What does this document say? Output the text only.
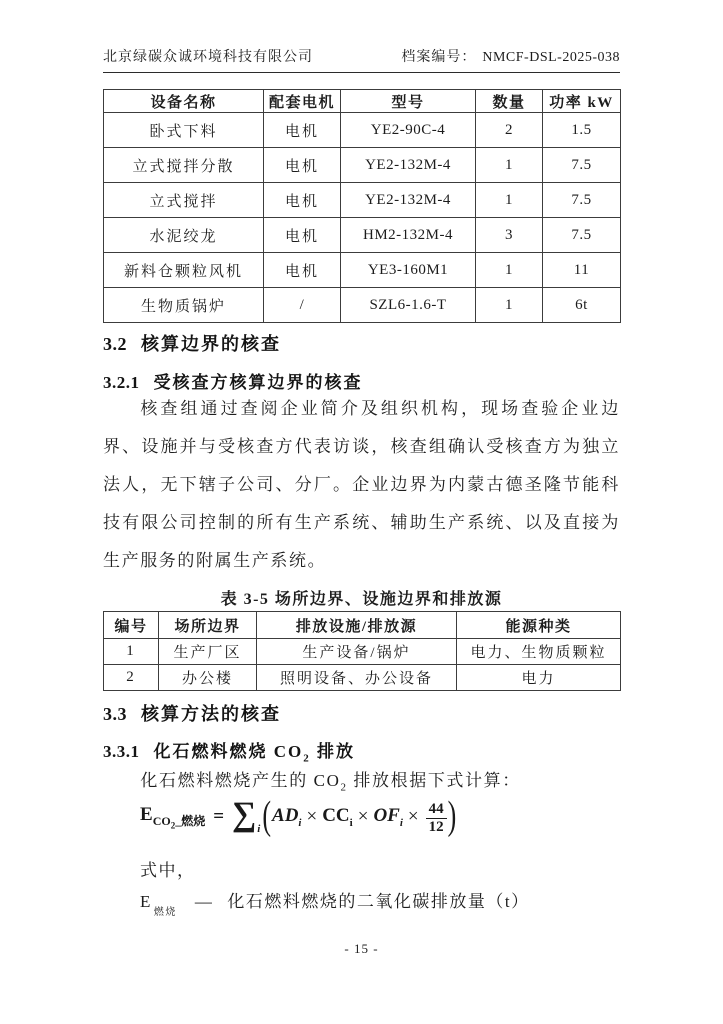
北京绿碳众诚环境科技有限公司	档案编号： NMCF-DSL-2025-038
设备名称	配套电机	型号	数量	功率 kW
卧式下料	电机	YE2-90C-4	2	1.5
立式搅拌分散	电机	YE2-132M-4	1	7.5
立式搅拌	电机	YE2-132M-4	1	7.5
水泥绞龙	电机	HM2-132M-4	3	7.5
新料仓颗粒风机	电机	YE3-160M1	1	11
生物质锅炉	/	SZL6-1.6-T	1	6t
3.2 核算边界的核查
3.2.1 受核查方核算边界的核查

核查组通过查阅企业简介及组织机构，现场查验企业边界、设施并与受核查方代表访谈，核查组确认受核查方为独立法人，无下辖子公司、分厂。企业边界为内蒙古德圣隆节能科技有限公司控制的所有生产系统、辅助生产系统、以及直接为生产服务的附属生产系统。

表 3-5 场所边界、设施边界和排放源
编号	场所边界	排放设施/排放源	能源种类
1	生产厂区	生产设备/锅炉	电力、生物质颗粒
2	办公楼	照明设备、办公设备	电力
3.3 核算方法的核查
3.3.1 化石燃料燃烧 $CO_2$ 排放
化石燃料燃烧产生的 $CO_2$ 排放根据下式计算：
$E_{CO_2\_燃烧}$ = ∑ i ( $AD_i \times CC_i \times OF_i \times \frac{44}{12}$ )
式中，
$E_{燃烧}$
— 化石燃料燃烧的二氧化碳排放量（t）
- 15 -
